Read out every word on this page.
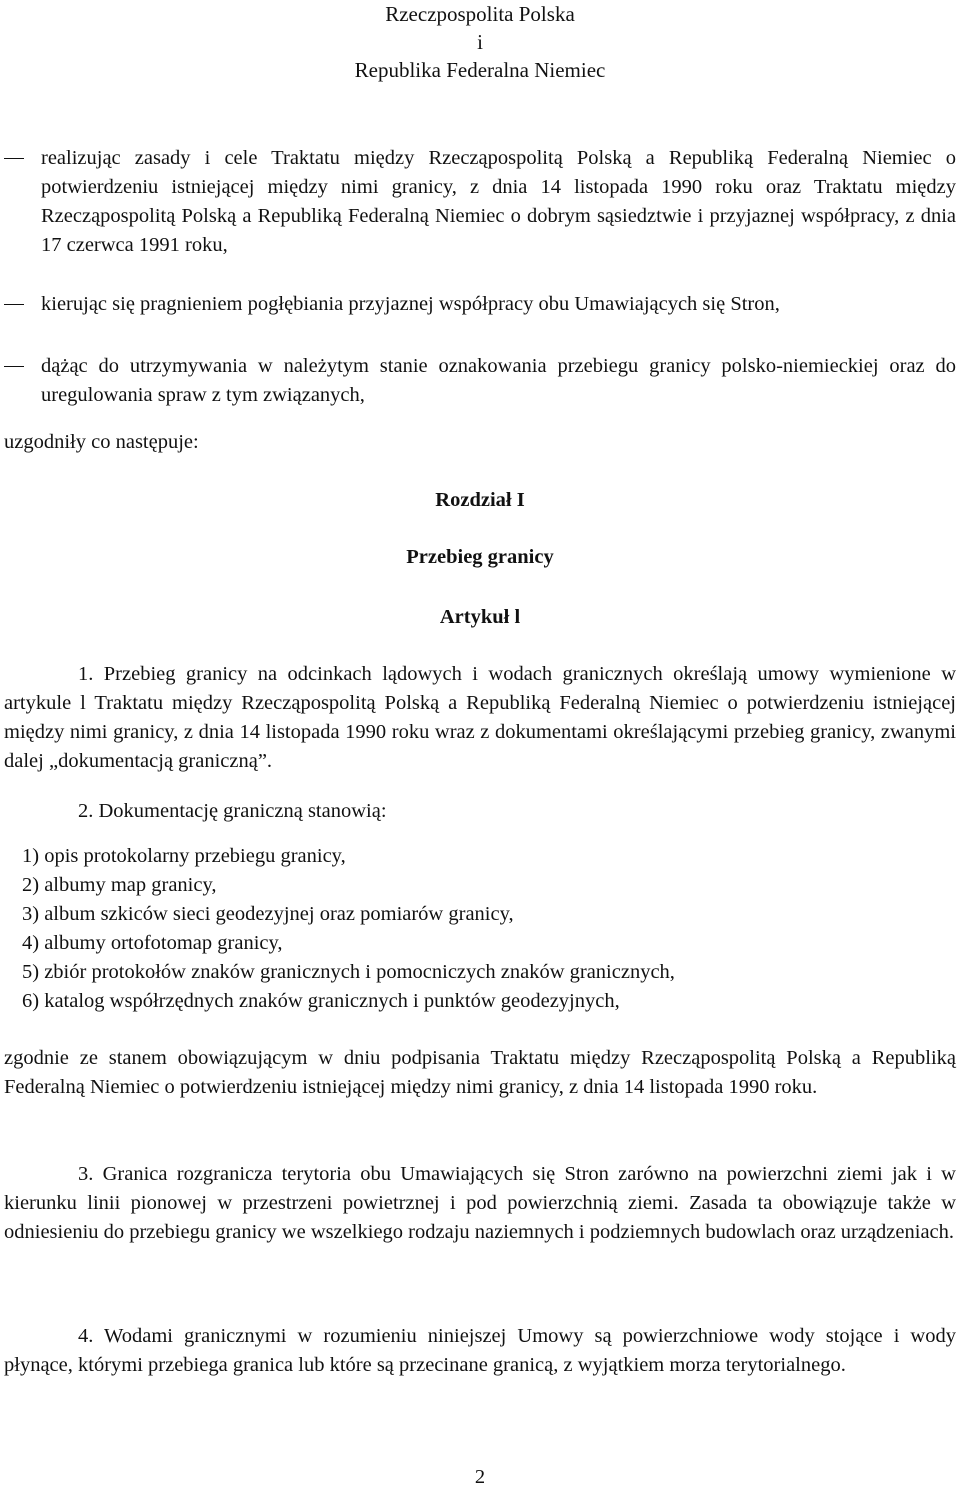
Rzeczpospolita Polska
i
Republika Federalna Niemiec
realizując zasady i cele Traktatu między Rzecząpospolitą Polską a Republiką Federalną Niemiec o potwierdzeniu istniejącej między nimi granicy, z dnia 14 listopada 1990 roku oraz Traktatu między Rzecząpospolitą Polską a Republiką Federalną Niemiec o dobrym sąsiedztwie i przyjaznej współpracy, z dnia 17 czerwca 1991 roku,
kierując się pragnieniem pogłębiania przyjaznej współpracy obu Umawiających się Stron,
dążąc do utrzymywania w należytym stanie oznakowania przebiegu granicy polsko-niemieckiej oraz do uregulowania spraw z tym związanych,
uzgodniły co następuje:
Rozdział I
Przebieg granicy
Artykuł l
1. Przebieg granicy na odcinkach lądowych i wodach granicznych określają umowy wymienione w artykule l Traktatu między Rzecząpospolitą Polską a Republiką Federalną Niemiec o potwierdzeniu istniejącej między nimi granicy, z dnia 14 listopada 1990 roku wraz z dokumentami określającymi przebieg granicy, zwanymi dalej „dokumentacją graniczną”.
2. Dokumentację graniczną stanowią:
1) opis protokolarny przebiegu granicy,
2) albumy map granicy,
3) album szkiców sieci geodezyjnej oraz pomiarów granicy,
4) albumy ortofotomap granicy,
5) zbiór protokołów znaków granicznych i pomocniczych znaków granicznych,
6) katalog współrzędnych znaków granicznych i punktów geodezyjnych,
zgodnie ze stanem obowiązującym w dniu podpisania Traktatu między Rzecząpospolitą Polską a Republiką Federalną Niemiec o potwierdzeniu istniejącej między nimi granicy, z dnia 14 listopada 1990 roku.
3. Granica rozgranicza terytoria obu Umawiających się Stron zarówno na powierzchni ziemi jak i w kierunku linii pionowej w przestrzeni powietrznej i pod powierzchnią ziemi. Zasada ta obowiązuje także w odniesieniu do przebiegu granicy we wszelkiego rodzaju naziemnych i podziemnych budowlach oraz urządzeniach.
4. Wodami granicznymi w rozumieniu niniejszej Umowy są powierzchniowe wody stojące i wody płynące, którymi przebiega granica lub które są przecinane granicą, z wyjątkiem morza terytorialnego.
2
